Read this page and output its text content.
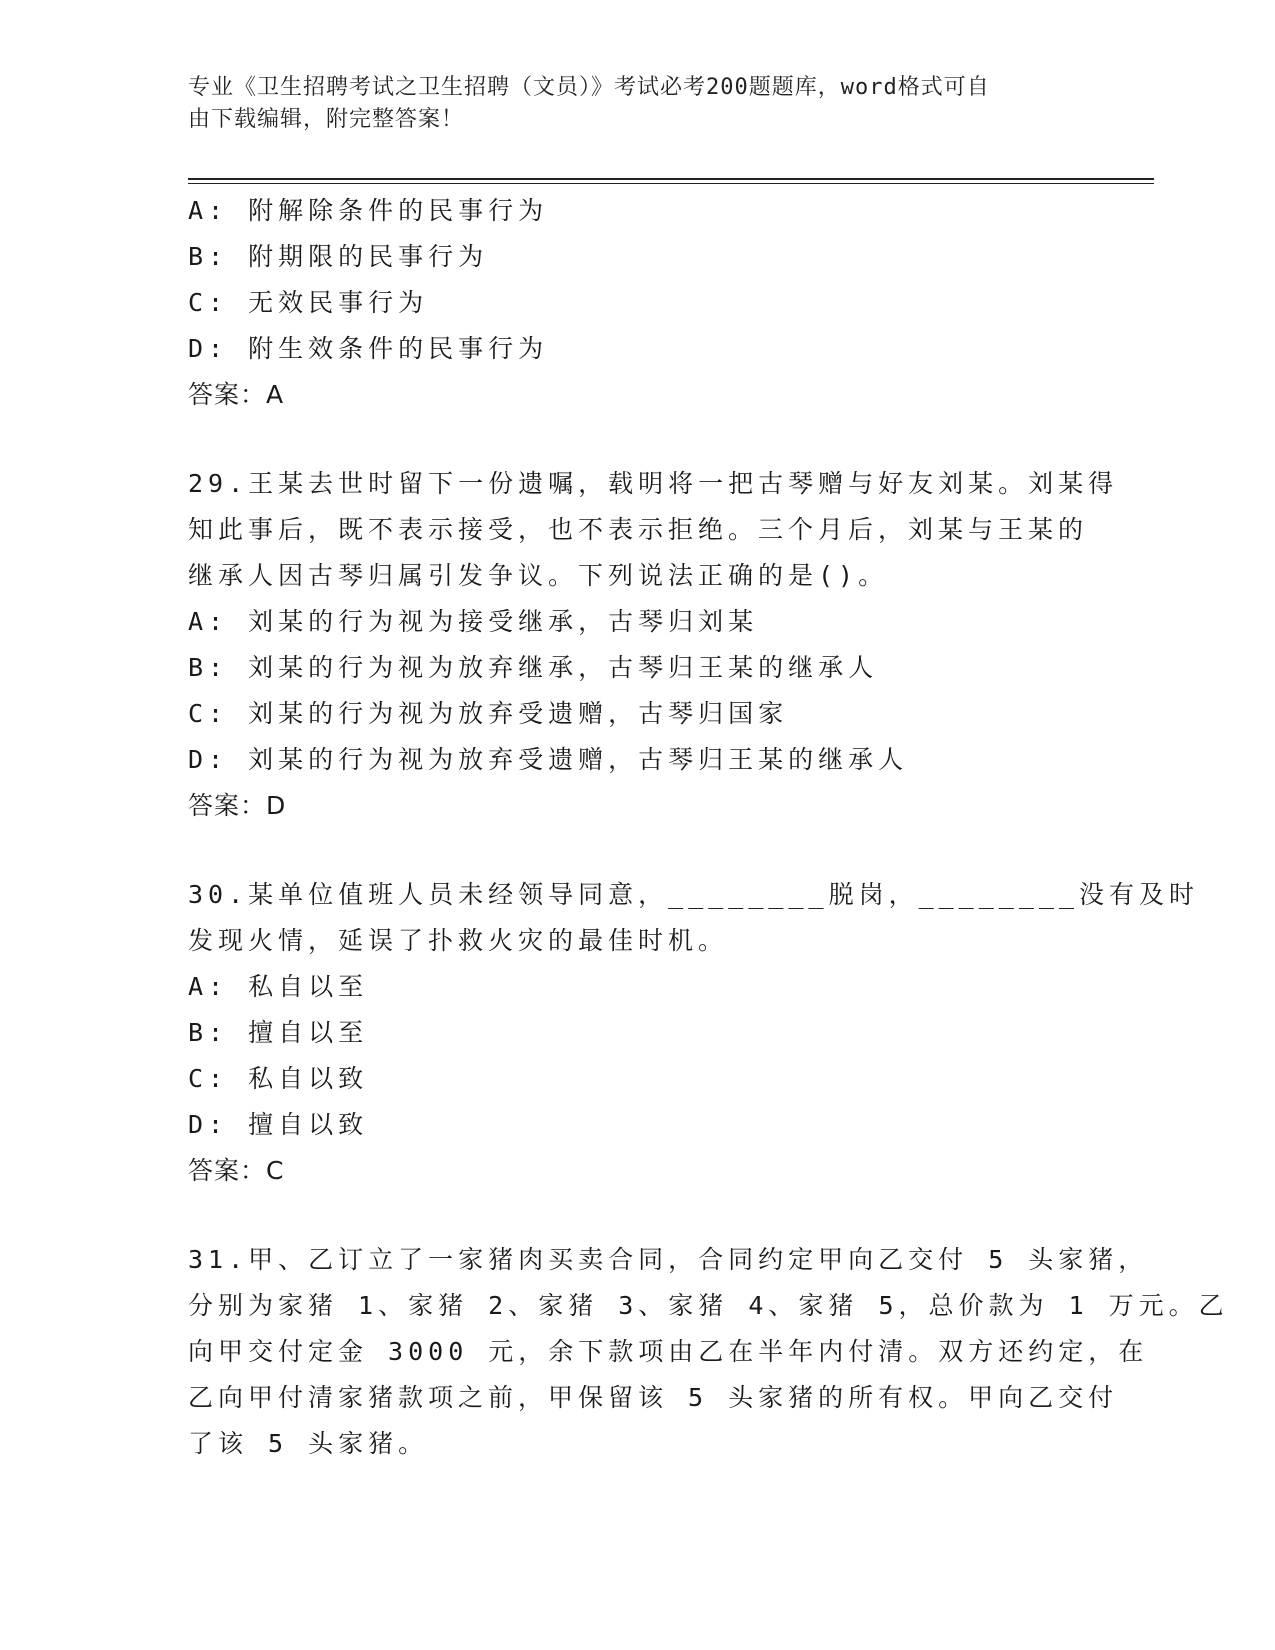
专业《卫生招聘考试之卫生招聘（文员）》考试必考200题题库，word格式可自
由下载编辑，附完整答案！
A: 附解除条件的民事行为
B: 附期限的民事行为
C: 无效民事行为
D: 附生效条件的民事行为
答案：A
29.王某去世时留下一份遗嘱，载明将一把古琴赠与好友刘某。刘某得
知此事后，既不表示接受，也不表示拒绝。三个月后，刘某与王某的
继承人因古琴归属引发争议。下列说法正确的是()。
A: 刘某的行为视为接受继承，古琴归刘某
B: 刘某的行为视为放弃继承，古琴归王某的继承人
C: 刘某的行为视为放弃受遗赠，古琴归国家
D: 刘某的行为视为放弃受遗赠，古琴归王某的继承人
答案：D
30.某单位值班人员未经领导同意，________脱岗，________没有及时
发现火情，延误了扑救火灾的最佳时机。
A: 私自以至
B: 擅自以至
C: 私自以致
D: 擅自以致
答案：C
31.甲、乙订立了一家猪肉买卖合同，合同约定甲向乙交付 5 头家猪，
分别为家猪 1、家猪 2、家猪 3、家猪 4、家猪 5，总价款为 1 万元。乙
向甲交付定金 3000 元，余下款项由乙在半年内付清。双方还约定，在
乙向甲付清家猪款项之前，甲保留该 5 头家猪的所有权。甲向乙交付
了该 5 头家猪。
